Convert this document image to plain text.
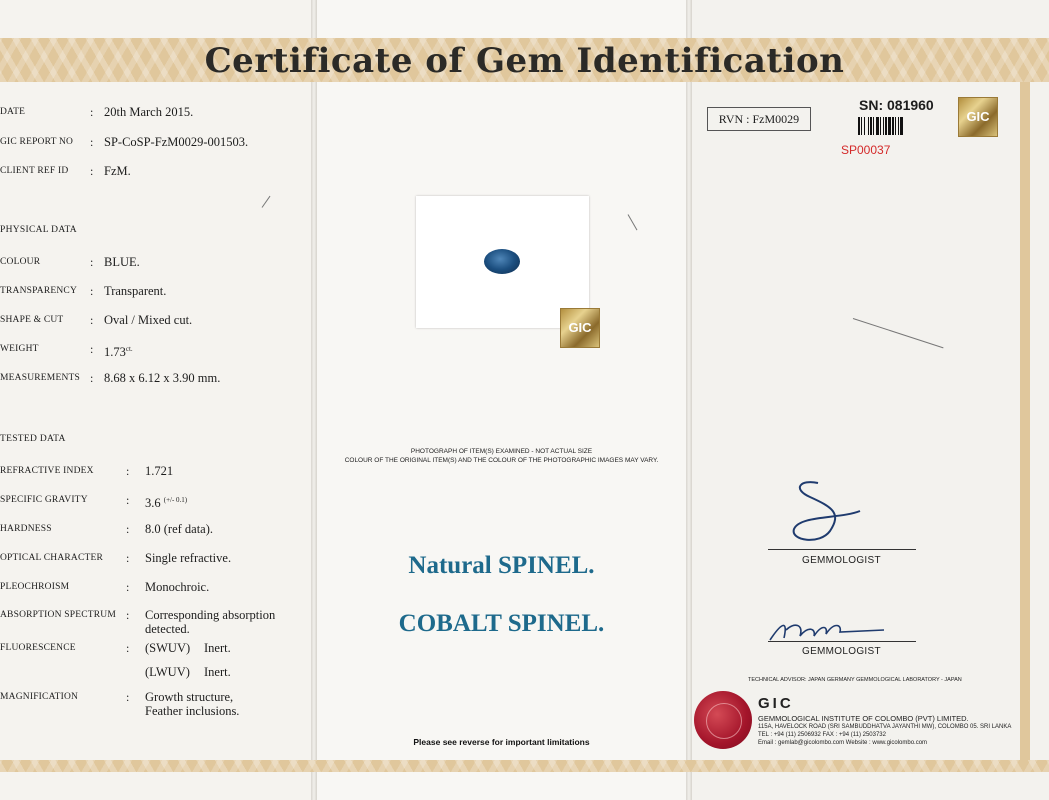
Certificate of Gem Identification
DATE	: 20th March 2015.
GIC REPORT NO : SP-CoSP-FzM0029-001503.
CLIENT REF ID : FzM.
PHYSICAL DATA
COLOUR	: BLUE.
TRANSPARENCY : Transparent.
SHAPE & CUT : Oval / Mixed cut.
WEIGHT	: $1.73^{ct.}$
MEASUREMENTS : 8.68 x 6.12 x 3.90 mm.
TESTED DATA
REFRACTIVE INDEX	: 1.721
SPECIFIC GRAVITY	: 3.6 $^{(+/- 0.1)}$
HARDNESS	: 8.0 (ref data).
OPTICAL CHARACTER : Single refractive.
PLEOCHROISM	: Monochroic.
ABSORPTION SPECTRUM : Corresponding absorption
detected.
FLUORESCENCE	: (SWUV) Inert.
(LWUV) Inert.
MAGNIFICATION	: Growth structure,
Feather inclusions.
GIC
PHOTOGRAPH OF ITEM(S) EXAMINED - NOT ACTUAL SIZE
COLOUR OF THE ORIGINAL ITEM(S) AND THE COLOUR OF THE PHOTOGRAPHIC IMAGES MAY VARY.
Natural SPINEL.
COBALT SPINEL.
Please see reverse for important limitations
RVN : FzM0029
SN: 081960
GIC
SP00037
GEMMOLOGIST
GEMMOLOGIST
TECHNICAL ADVISOR: JAPAN GERMANY GEMMOLOGICAL LABORATORY - JAPAN
GIC
GEMMOLOGICAL INSTITUTE OF COLOMBO (PVT) LIMITED.
115A, HAVELOCK ROAD (SRI SAMBUDDHATVA JAYANTHI MW), COLOMBO 05. SRI LANKA
TEL : +94 (11) 2506932 FAX : +94 (11) 2503732
Email : gemlab@gicolombo.com Website : www.gicolombo.com
